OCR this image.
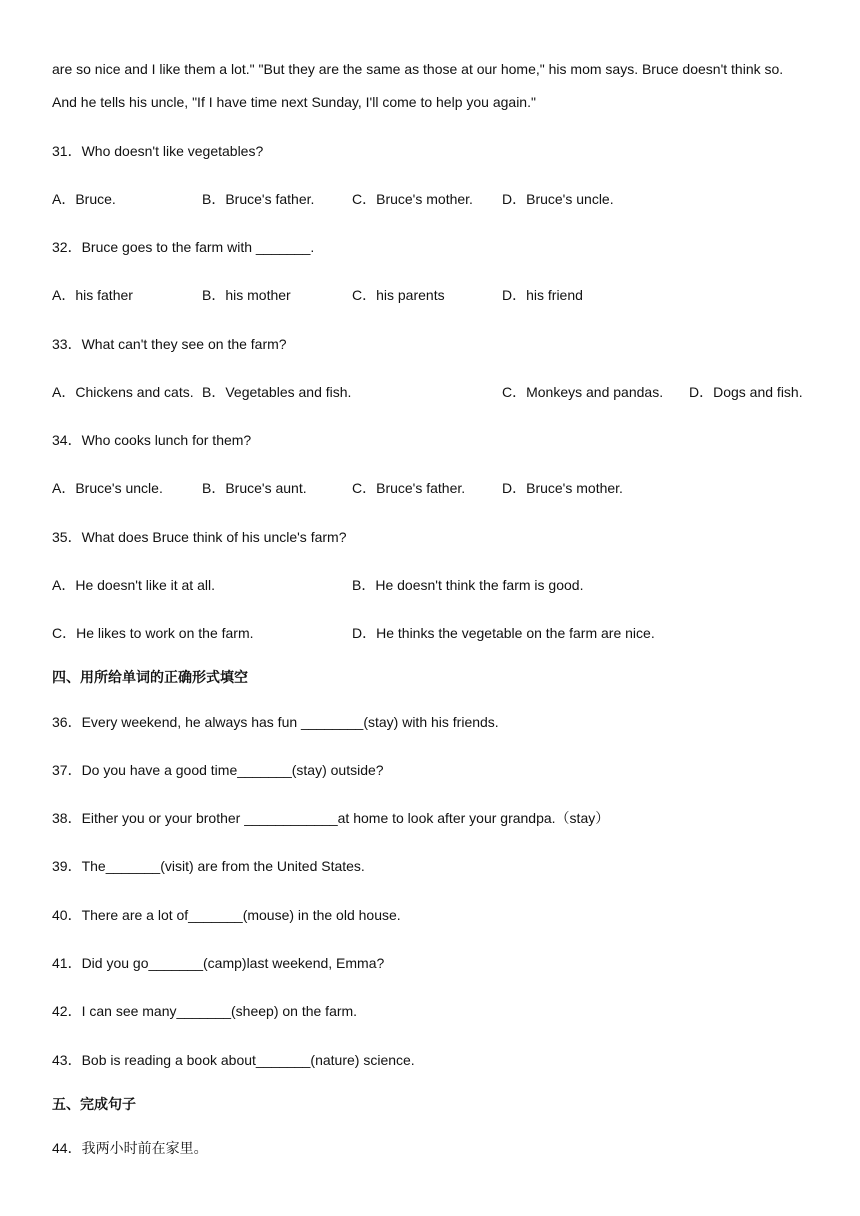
are so nice and I like them a lot." "But they are the same as those at our home," his mom says. Bruce doesn't think so.
And he tells his uncle, "If I have time next Sunday, I'll come to help you again."
31．Who doesn't like vegetables?
A．Bruce.	B．Bruce's father.	C．Bruce's mother. D．Bruce's uncle.
32．Bruce goes to the farm with _______.
A．his father	B．his mother	C．his parents	D．his friend
33．What can't they see on the farm?
A．Chickens and cats. B．Vegetables and fish.	C．Monkeys and pandas. D．Dogs and fish.
34．Who cooks lunch for them?
A．Bruce's uncle.	B．Bruce's aunt.	C．Bruce's father.	D．Bruce's mother.
35．What does Bruce think of his uncle's farm?
A．He doesn't like it at all.	B．He doesn't think the farm is good.
C．He likes to work on the farm.	D．He thinks the vegetable on the farm are nice.
四、用所给单词的正确形式填空
36．Every weekend, he always has fun ________(stay) with his friends.
37．Do you have a good time_______(stay) outside?
38．Either you or your brother ____________at home to look after your grandpa.（stay）
39．The_______(visit) are from the United States.
40．There are a lot of_______(mouse) in the old house.
41．Did you go_______(camp)last weekend, Emma?
42．I can see many_______(sheep) on the farm.
43．Bob is reading a book about_______(nature) science.
五、完成句子
44．我两小时前在家里。
